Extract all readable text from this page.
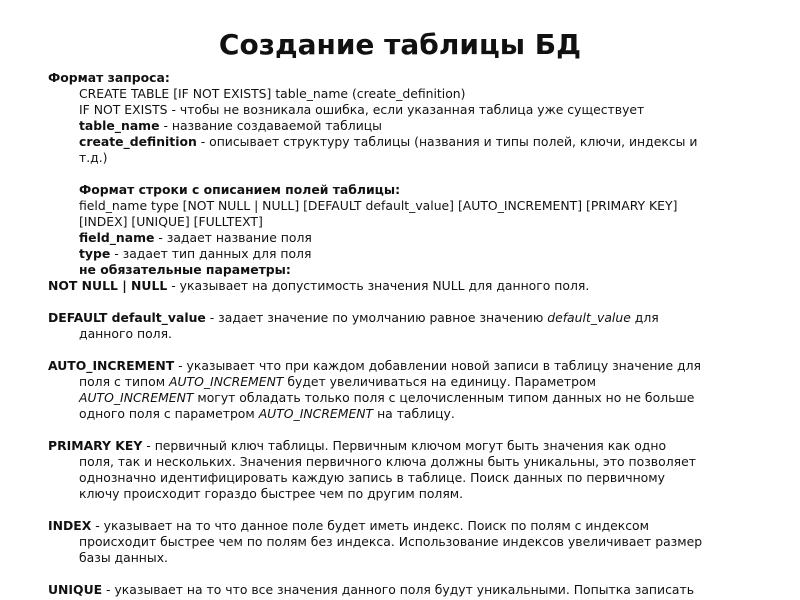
Создание таблицы БД
Формат запроса:
CREATE TABLE [IF NOT EXISTS] table_name (create_definition)
IF NOT EXISTS - чтобы не возникала ошибка, если указанная таблица уже существует
table_name - название создаваемой таблицы
create_definition - описывает структуру таблицы (названия и типы полей, ключи, индексы и
т.д.)
Формат строки с описанием полей таблицы:
field_name type [NOT NULL | NULL] [DEFAULT default_value] [AUTO_INCREMENT] [PRIMARY KEY]
[INDEX] [UNIQUE] [FULLTEXT]
field_name - задает название поля
type - задает тип данных для поля
не обязательные параметры:
NOT NULL | NULL - указывает на допустимость значения NULL для данного поля.
DEFAULT default_value - задает значение по умолчанию равное значению default_value для
данного поля.
AUTO_INCREMENT - указывает что при каждом добавлении новой записи в таблицу значение для
поля с типом AUTO_INCREMENT будет увеличиваться на единицу. Параметром
AUTO_INCREMENT могут обладать только поля с целочисленным типом данных но не больше
одного поля с параметром AUTO_INCREMENT на таблицу.
PRIMARY KEY - первичный ключ таблицы. Первичным ключом могут быть значения как одно
поля, так и нескольких. Значения первичного ключа должны быть уникальны, это позволяет
однозначно идентифицировать каждую запись в таблице. Поиск данных по первичному
ключу происходит гораздо быстрее чем по другим полям.
INDEX - указывает на то что данное поле будет иметь индекс. Поиск по полям с индексом
происходит быстрее чем по полям без индекса. Использование индексов увеличивает размер
базы данных.
UNIQUE - указывает на то что все значения данного поля будут уникальными. Попытка записать
